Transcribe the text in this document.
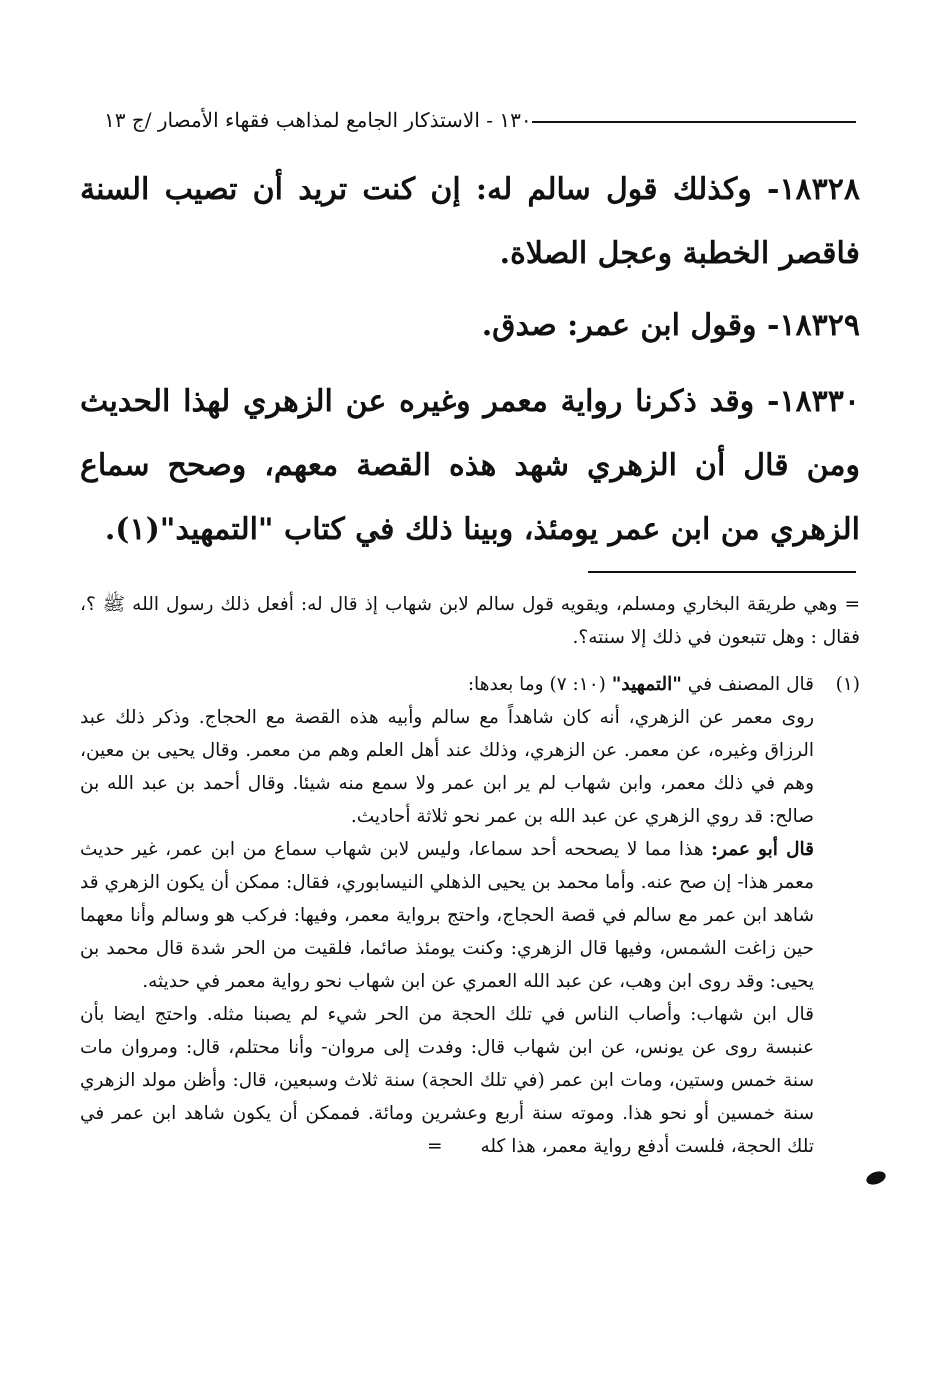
١٣٠ - الاستذكار الجامع لمذاهب فقهاء الأمصار /ج ١٣

١٨٣٢٨- وكذلك قول سالم له: إن كنت تريد أن تصيب السنة فاقصر الخطبة وعجل الصلاة.

١٨٣٢٩- وقول ابن عمر: صدق.

١٨٣٣٠- وقد ذكرنا رواية معمر وغيره عن الزهري لهذا الحديث ومن قال أن الزهري شهد هذه القصة معهم، وصحح سماع الزهري من ابن عمر يومئذ، وبينا ذلك في كتاب "التمهيد"(١).

= وهي طريقة البخاري ومسلم، ويقويه قول سالم لابن شهاب إذ قال له: أفعل ذلك رسول الله ﷺ ؟، فقال : وهل تتبعون في ذلك إلا سنته؟.

(١)
قال المصنف في "التمهيد" (١٠: ٧) وما بعدها:

روى معمر عن الزهري، أنه كان شاهداً مع سالم وأبيه هذه القصة مع الحجاج. وذكر ذلك عبد الرزاق وغيره، عن معمر. عن الزهري، وذلك عند أهل العلم وهم من معمر. وقال يحيى بن معين، وهم في ذلك معمر، وابن شهاب لم ير ابن عمر ولا سمع منه شيئا. وقال أحمد بن عبد الله بن صالح: قد روي الزهري عن عبد الله بن عمر نحو ثلاثة أحاديث.

قال أبو عمر: هذا مما لا يصححه أحد سماعا، وليس لابن شهاب سماع من ابن عمر، غير حديث معمر هذا- إن صح عنه. وأما محمد بن يحيى الذهلي النيسابوري، فقال: ممكن أن يكون الزهري قد شاهد ابن عمر مع سالم في قصة الحجاج، واحتج برواية معمر، وفيها: فركب هو وسالم وأنا معهما حين زاغت الشمس، وفيها قال الزهري: وكنت يومئذ صائما، فلقيت من الحر شدة قال محمد بن يحيى: وقد روى ابن وهب، عن عبد الله العمري عن ابن شهاب نحو رواية معمر في حديثه.

قال ابن شهاب: وأصاب الناس في تلك الحجة من الحر شيء لم يصبنا مثله. واحتج ايضا بأن عنبسة روى عن يونس، عن ابن شهاب قال: وفدت إلى مروان- وأنا محتلم، قال: ومروان مات سنة خمس وستين، ومات ابن عمر (في تلك الحجة) سنة ثلاث وسبعين، قال: وأظن مولد الزهري سنة خمسين أو نحو هذا. وموته سنة أربع وعشرين ومائة. فممكن أن يكون شاهد ابن عمر في تلك الحجة، فلست أدفع رواية معمر، هذا كله=
